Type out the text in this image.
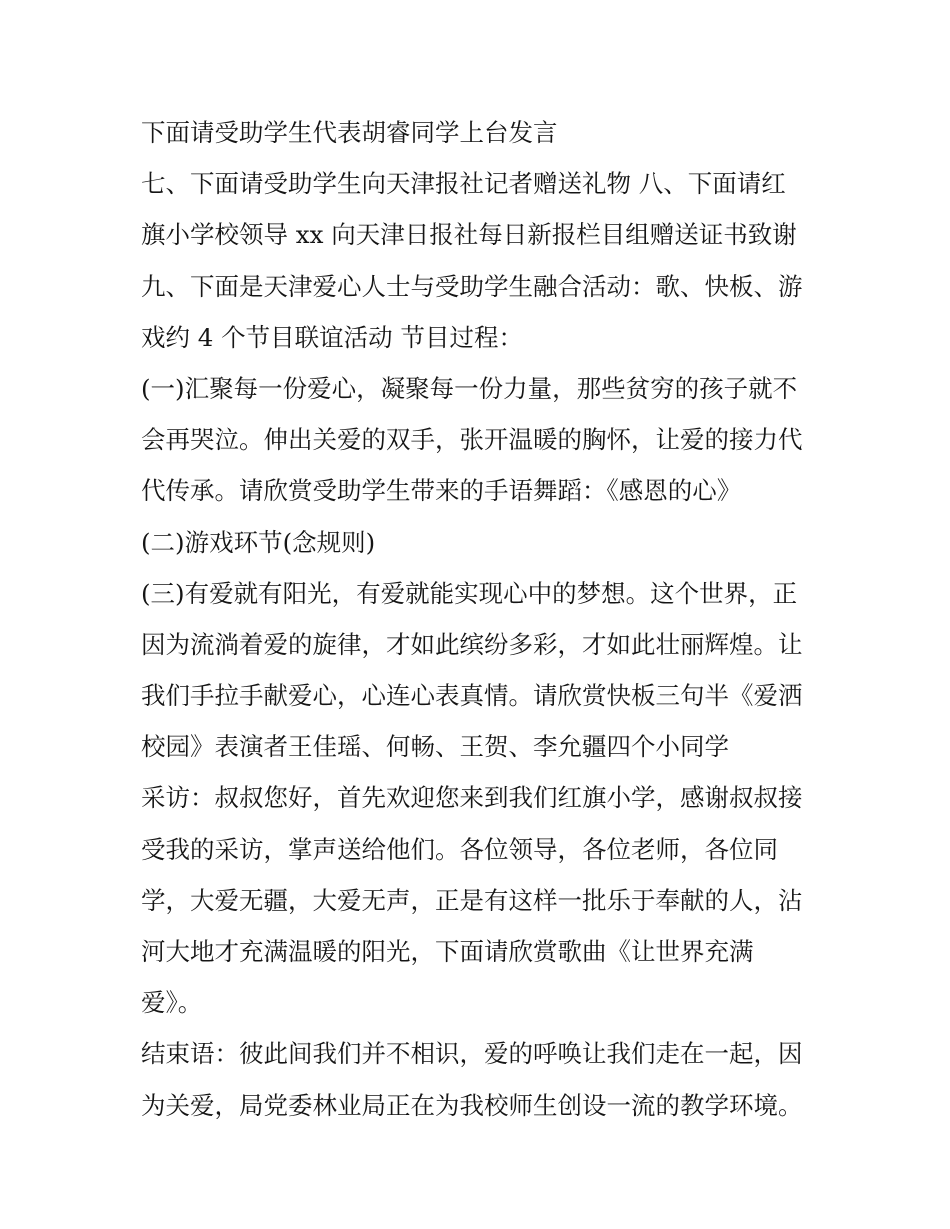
下面请受助学生代表胡睿同学上台发言
七、下面请受助学生向天津报社记者赠送礼物 八、下面请红
旗小学校领导 xx 向天津日报社每日新报栏目组赠送证书致谢
九、下面是天津爱心人士与受助学生融合活动：歌、快板、游
戏约 4 个节目联谊活动 节目过程：
(一)汇聚每一份爱心，凝聚每一份力量，那些贫穷的孩子就不
会再哭泣。伸出关爱的双手，张开温暖的胸怀，让爱的接力代
代传承。请欣赏受助学生带来的手语舞蹈：《感恩的心》
(二)游戏环节(念规则)
(三)有爱就有阳光，有爱就能实现心中的梦想。这个世界，正
因为流淌着爱的旋律，才如此缤纷多彩，才如此壮丽辉煌。让
我们手拉手献爱心，心连心表真情。请欣赏快板三句半《爱洒
校园》表演者王佳瑶、何畅、王贺、李允疆四个小同学
采访：叔叔您好，首先欢迎您来到我们红旗小学，感谢叔叔接
受我的采访，掌声送给他们。各位领导，各位老师，各位同
学，大爱无疆，大爱无声，正是有这样一批乐于奉献的人，沾
河大地才充满温暖的阳光，下面请欣赏歌曲《让世界充满
爱》。
结束语：彼此间我们并不相识，爱的呼唤让我们走在一起，因
为关爱，局党委林业局正在为我校师生创设一流的教学环境。
